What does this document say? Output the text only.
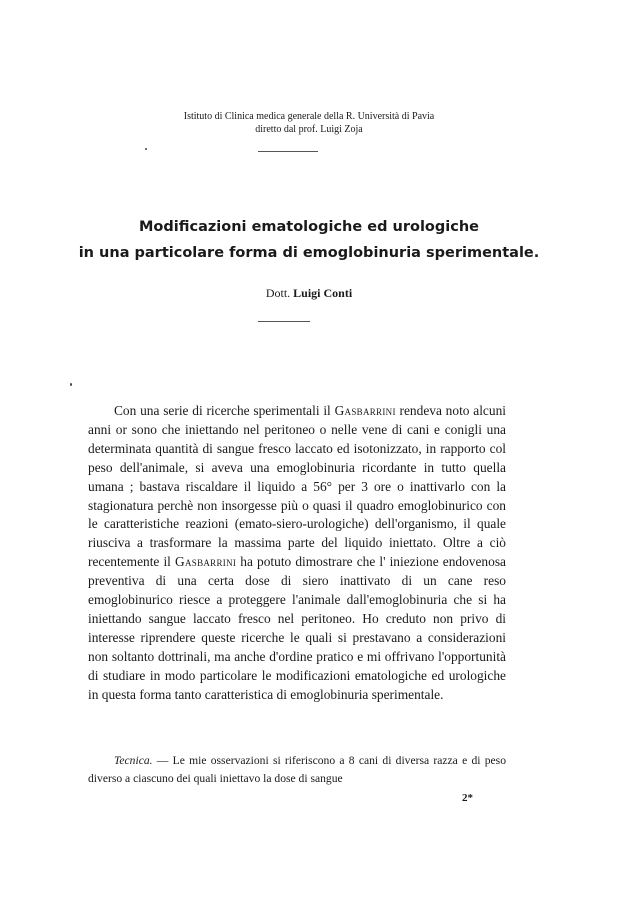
Istituto di Clinica medica generale della R. Università di Pavia
diretto dal prof. Luigi Zoja
Modificazioni ematologiche ed urologiche
in una particolare forma di emoglobinuria sperimentale.
Dott. Luigi Conti

Con una serie di ricerche sperimentali il Gasbarrini rendeva noto alcuni anni or sono che iniettando nel peritoneo o nelle vene di cani e conigli una determinata quantità di sangue fresco laccato ed isotonizzato, in rapporto col peso dell'animale, si aveva una emoglobinuria ricordante in tutto quella umana ; bastava riscaldare il liquido a 56° per 3 ore o inattivarlo con la stagionatura perchè non insorgesse più o quasi il quadro emoglobinurico con le caratteristiche reazioni (emato-siero-urologiche) dell'organismo, il quale riusciva a trasformare la massima parte del liquido iniettato. Oltre a ciò recentemente il Gasbarrini ha potuto dimostrare che l' iniezione endovenosa preventiva di una certa dose di siero inattivato di un cane reso emoglobinurico riesce a proteggere l'animale dall'emoglobinuria che si ha iniettando sangue laccato fresco nel peritoneo. Ho creduto non privo di interesse riprendere queste ricerche le quali si prestavano a considerazioni non soltanto dottrinali, ma anche d'ordine pratico e mi offrivano l'opportunità di studiare in modo particolare le modificazioni ematologiche ed urologiche in questa forma tanto caratteristica di emoglobinuria sperimentale.

Tecnica. — Le mie osservazioni si riferiscono a 8 cani di diversa razza e di peso diverso a ciascuno dei quali iniettavo la dose di sangue

2*
